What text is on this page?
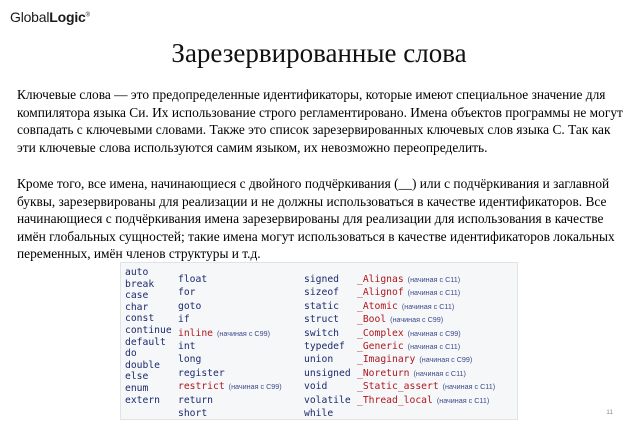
GlobalLogic®
Зарезервированные слова
Ключевые слова — это предопределенные идентификаторы, которые имеют специальное значение для компилятора языка Си. Их использование строго регламентировано. Имена объектов программы не могут совпадать с ключевыми словами. Также это список зарезервированных ключевых слов языка С. Так как эти ключевые слова используются самим языком, их невозможно переопределить.
Кроме того, все имена, начинающиеся с двойного подчёркивания (__) или с подчёркивания и заглавной буквы, зарезервированы для реализации и не должны использоваться в качестве идентификаторов. Все начинающиеся с подчёркивания имена зарезервированы для реализации для использования в качестве имён глобальных сущностей; такие имена могут использоваться в качестве идентификаторов локальных переменных, имён членов структуры и т.д.
auto
break
case
char
const
continue
default
do
double
else
enum
extern
float
for
goto
if
inline (начиная с C99)
int
long
register
restrict (начиная с C99)
return
short
signed
sizeof
static
struct
switch
typedef
union
unsigned
void
volatile
while
_Alignas (начиная с C11)
_Alignof (начиная с C11)
_Atomic (начиная с C11)
_Bool (начиная с C99)
_Complex (начиная с C99)
_Generic (начиная с C11)
_Imaginary (начиная с C99)
_Noreturn (начиная с C11)
_Static_assert (начиная с C11)
_Thread_local (начиная с C11)
11
